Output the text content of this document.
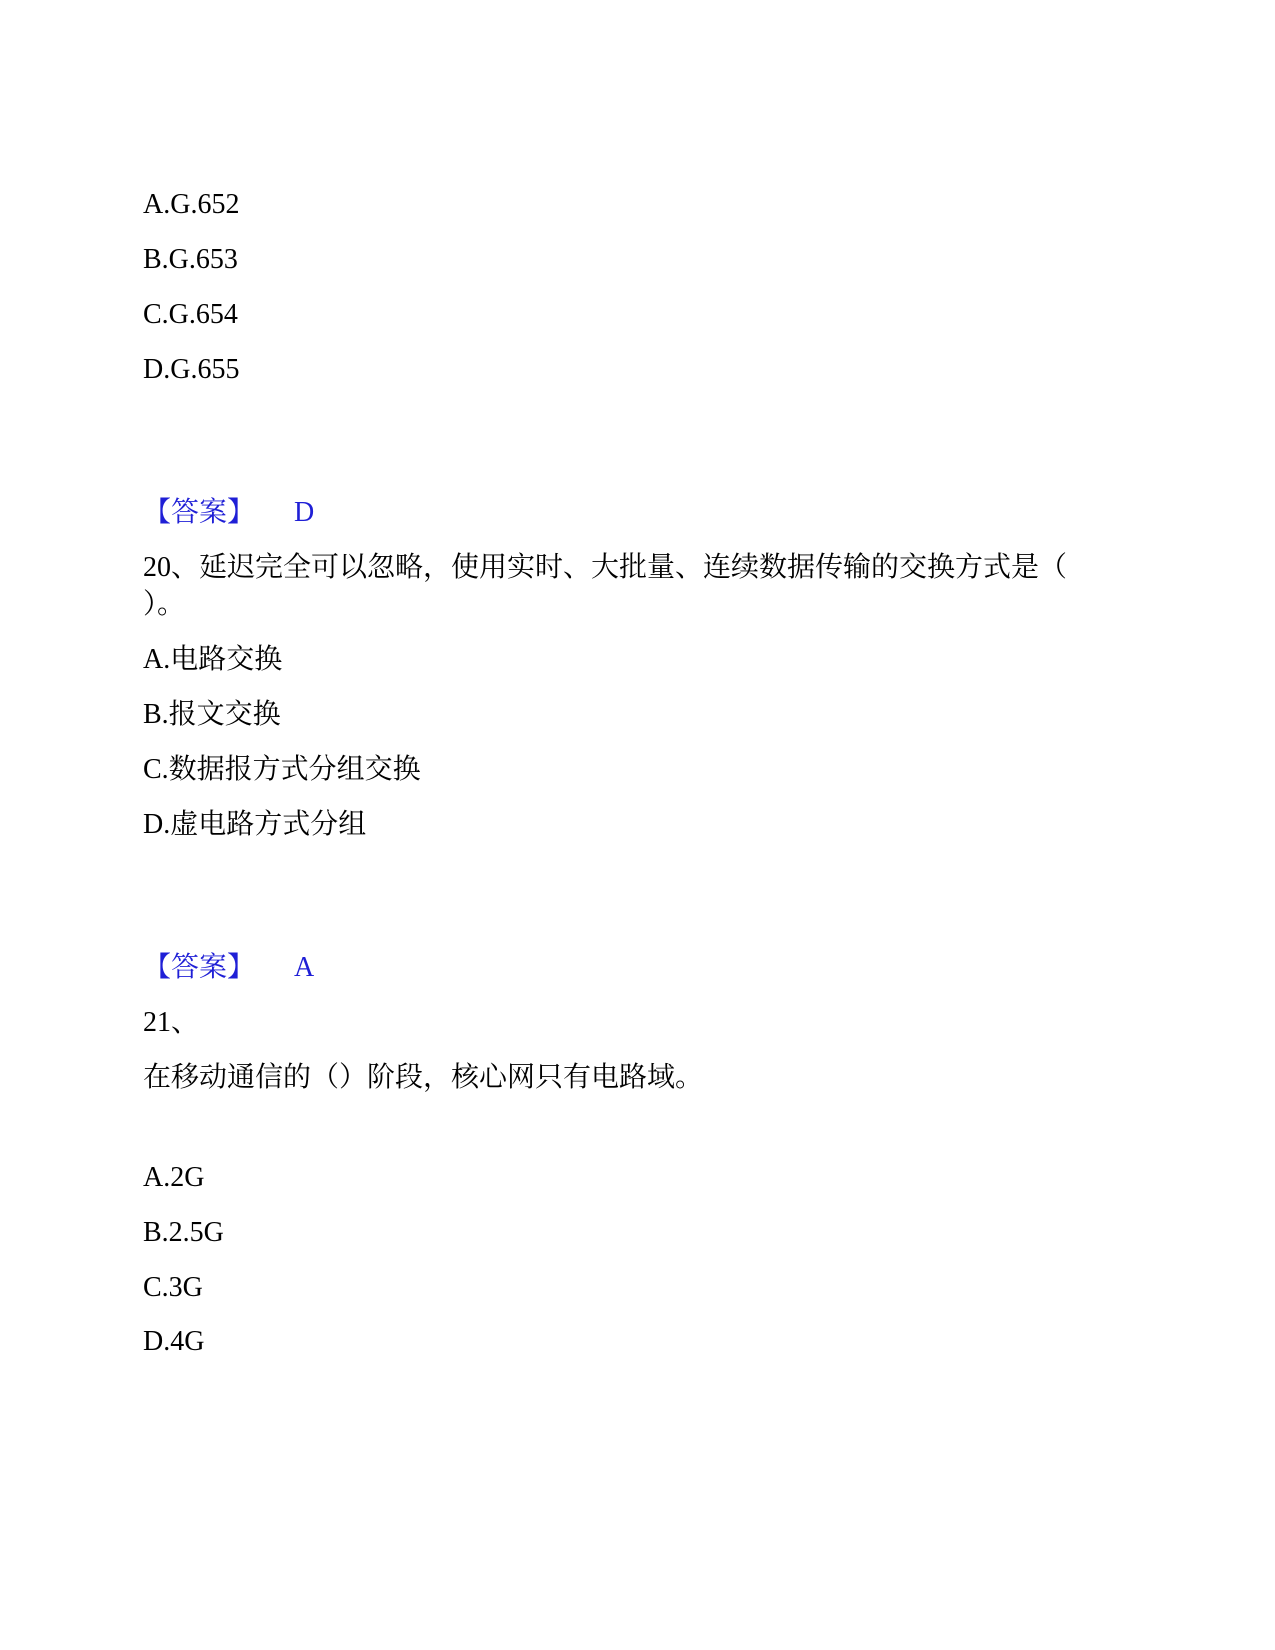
A.G.652
B.G.653
C.G.654
D.G.655
【答案】 D
20、延迟完全可以忽略，使用实时、大批量、连续数据传输的交换方式是（
）。
A.电路交换
B.报文交换
C.数据报方式分组交换
D.虚电路方式分组
【答案】 A
21、
在移动通信的（）阶段，核心网只有电路域。
A.2G
B.2.5G
C.3G
D.4G
